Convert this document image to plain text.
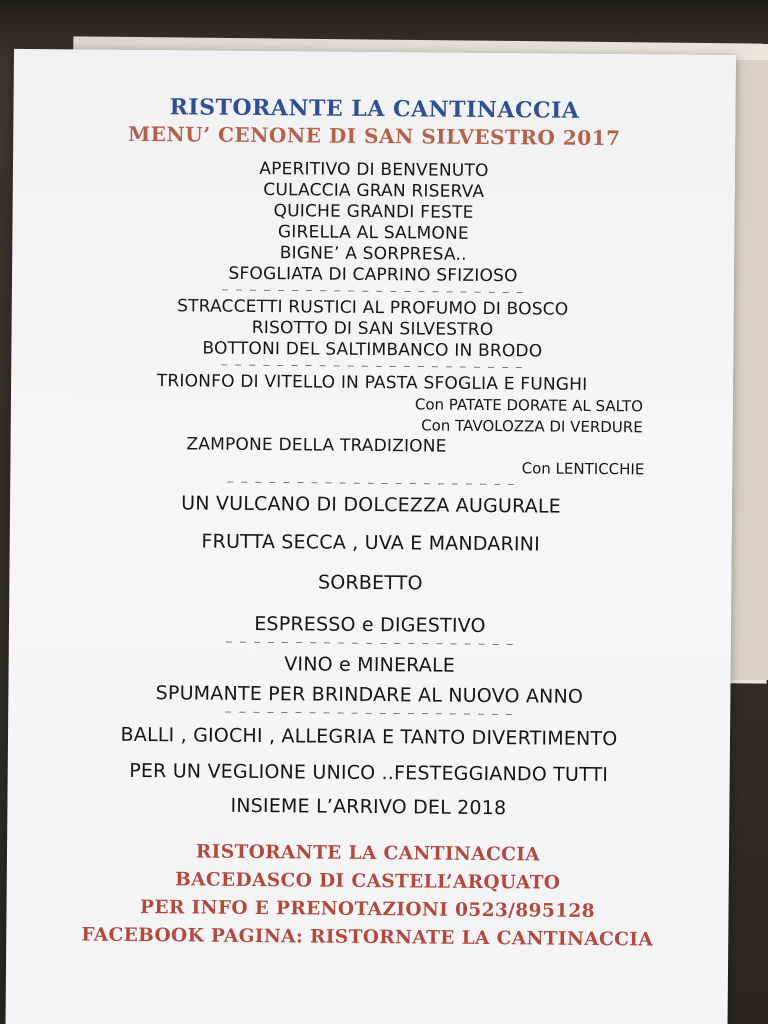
RISTORANTE LA CANTINACCIA
MENU’ CENONE DI SAN SILVESTRO 2017
APERITIVO DI BENVENUTO
CULACCIA GRAN RISERVA
QUICHE GRANDI FESTE
GIRELLA AL SALMONE
BIGNE’ A SORPRESA..
SFOGLIATA DI CAPRINO SFIZIOSO
— — — — — — — — — — — — — — — — — — — — — —
STRACCETTI RUSTICI AL PROFUMO DI BOSCO
RISOTTO DI SAN SILVESTRO
BOTTONI DEL SALTIMBANCO IN BRODO
— — — — — — — — — — — — — — — — — — — — — —
TRIONFO DI VITELLO IN PASTA SFOGLIA E FUNGHI
Con PATATE DORATE AL SALTO
Con TAVOLOZZA DI VERDURE
ZAMPONE DELLA TRADIZIONE
Con LENTICCHIE
— — — — — — — — — — — — — — — — — — — — —
UN VULCANO DI DOLCEZZA AUGURALE
FRUTTA SECCA , UVA E MANDARINI
SORBETTO
ESPRESSO e DIGESTIVO
— — — — — — — — — — — — — — — — — — — — —
VINO e MINERALE
SPUMANTE PER BRINDARE AL NUOVO ANNO
— — — — — — — — — — — — — — — — — — — — —
BALLI , GIOCHI , ALLEGRIA E TANTO DIVERTIMENTO
PER UN VEGLIONE UNICO ..FESTEGGIANDO TUTTI
INSIEME L’ARRIVO DEL 2018
RISTORANTE LA CANTINACCIA
BACEDASCO DI CASTELL’ARQUATO
PER INFO E PRENOTAZIONI 0523/895128
FACEBOOK PAGINA: RISTORNATE LA CANTINACCIA
